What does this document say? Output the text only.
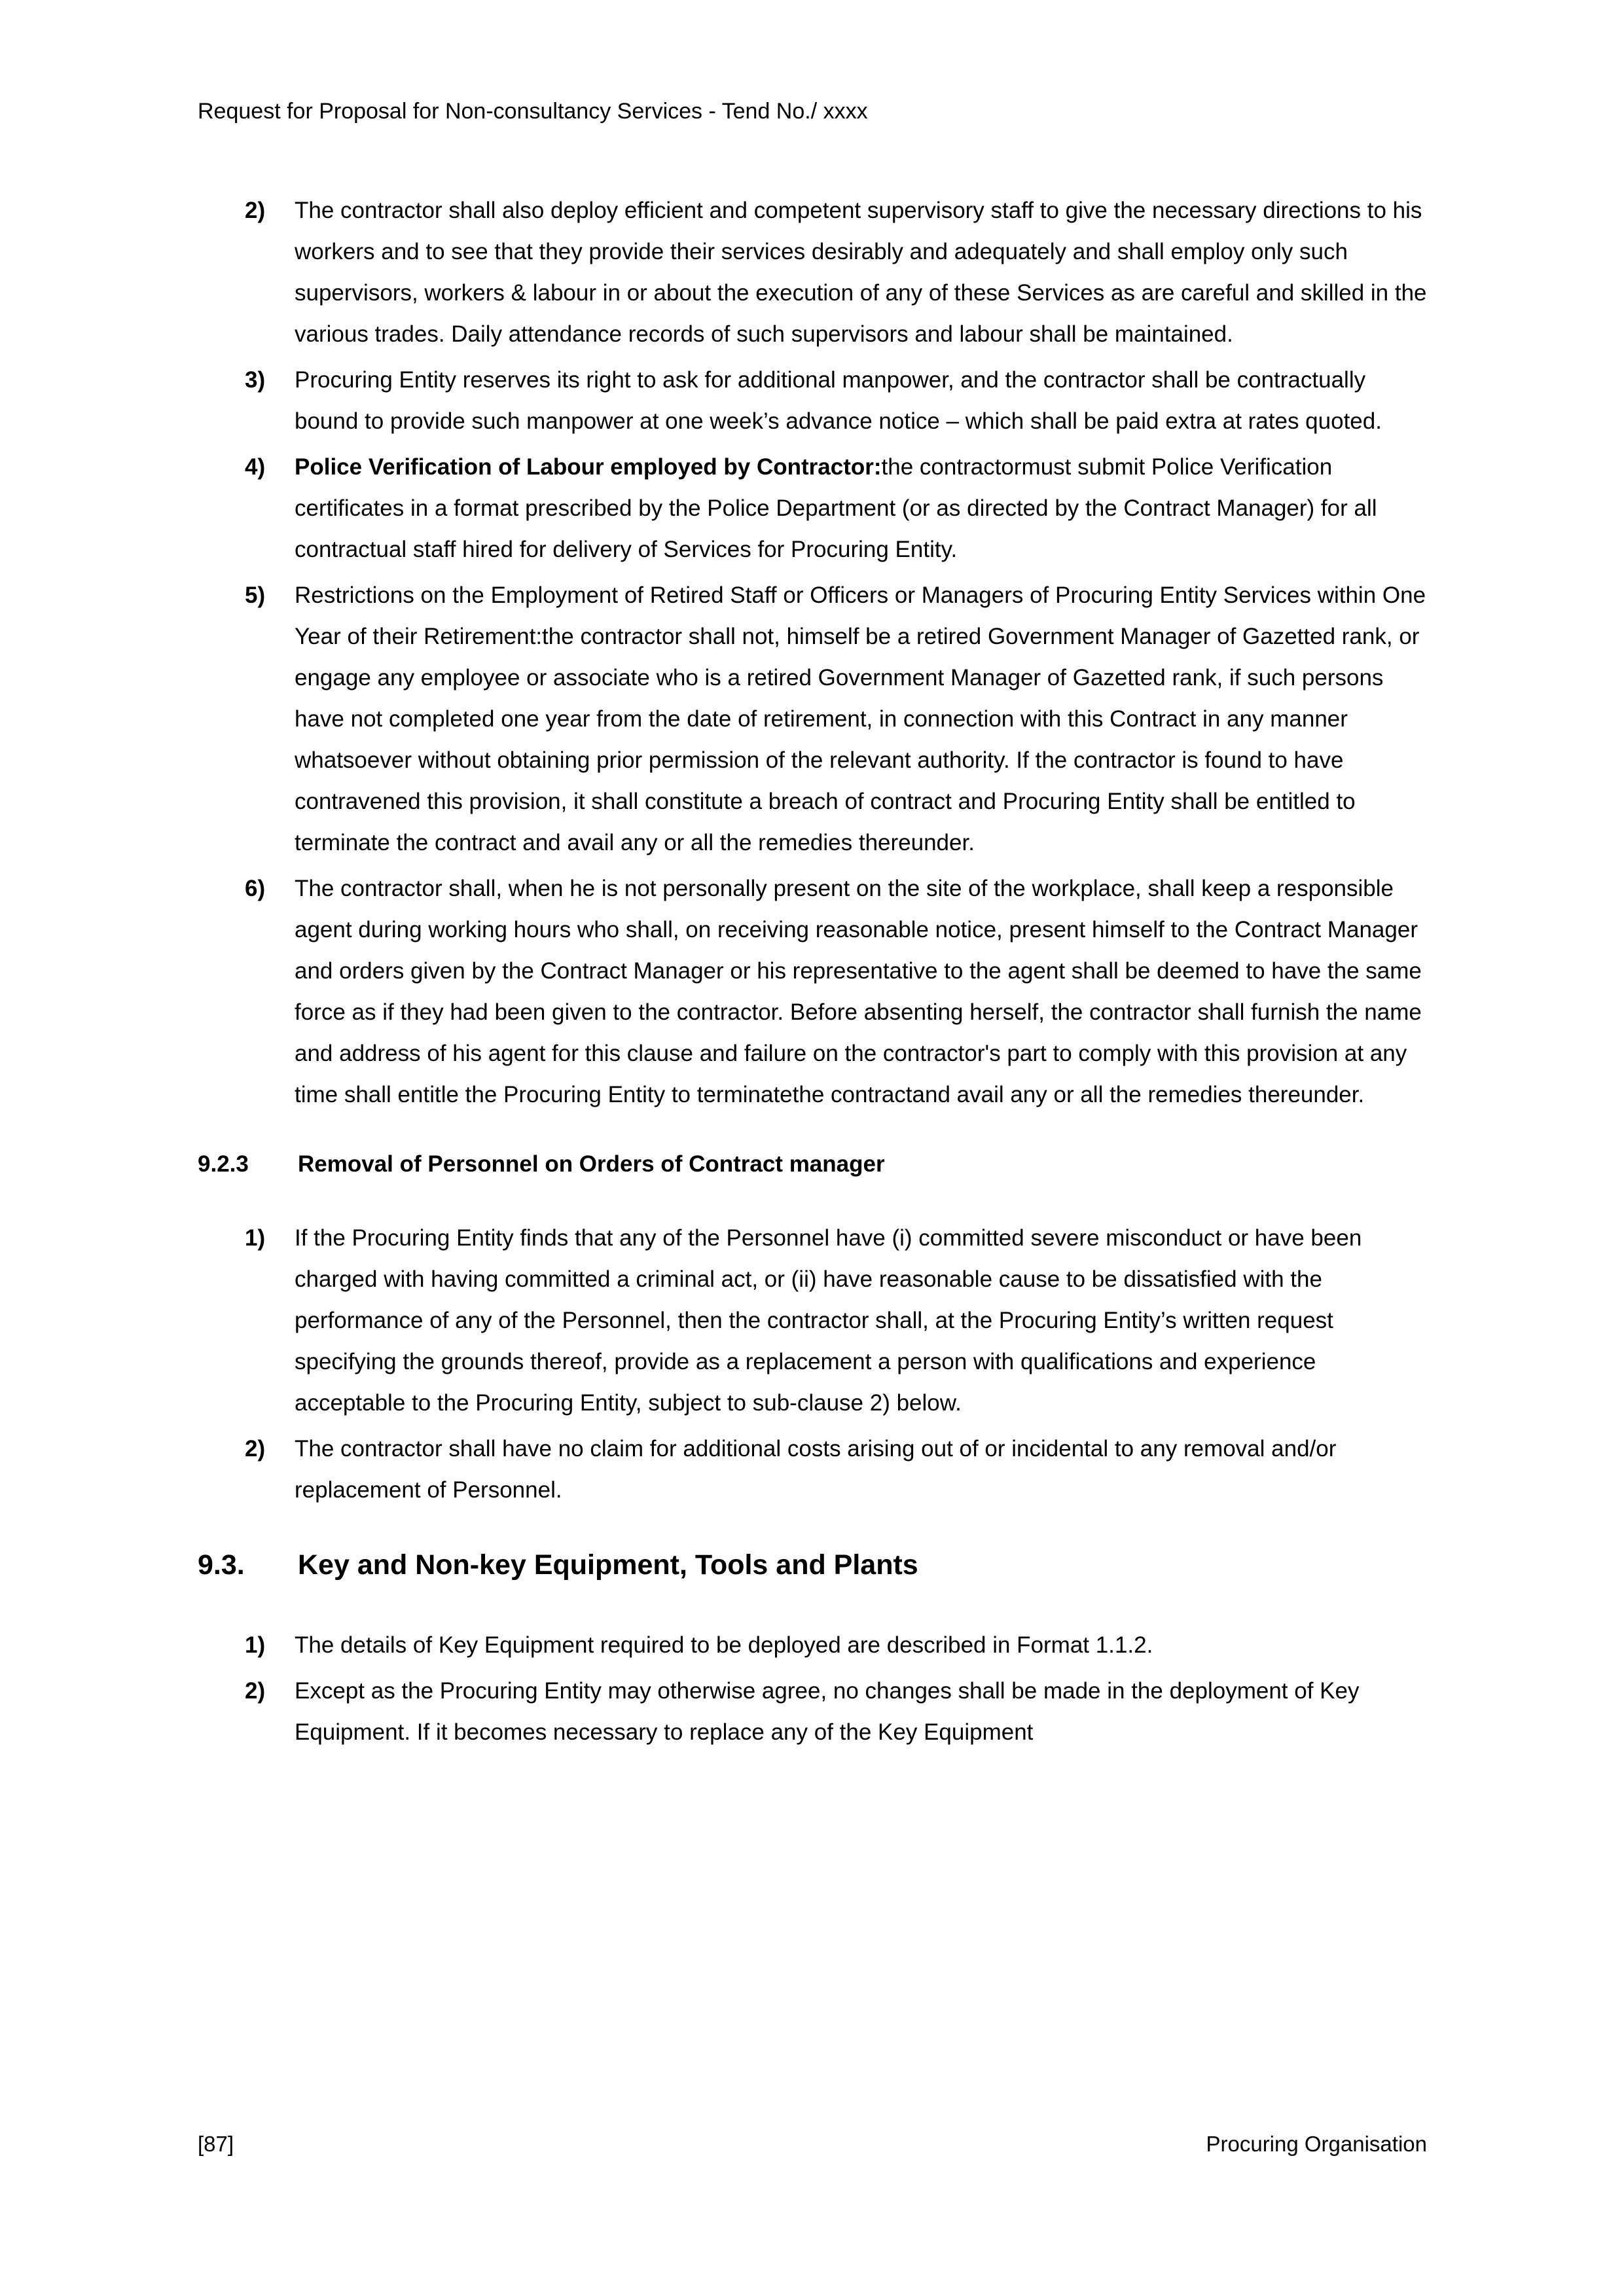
Request for Proposal for Non-consultancy Services - Tend No./ xxxx
2) The contractor shall also deploy efficient and competent supervisory staff to give the necessary directions to his workers and to see that they provide their services desirably and adequately and shall employ only such supervisors, workers & labour in or about the execution of any of these Services as are careful and skilled in the various trades. Daily attendance records of such supervisors and labour shall be maintained.
3) Procuring Entity reserves its right to ask for additional manpower, and the contractor shall be contractually bound to provide such manpower at one week’s advance notice – which shall be paid extra at rates quoted.
4) Police Verification of Labour employed by Contractor:the contractormust submit Police Verification certificates in a format prescribed by the Police Department (or as directed by the Contract Manager) for all contractual staff hired for delivery of Services for Procuring Entity.
5) Restrictions on the Employment of Retired Staff or Officers or Managers of Procuring Entity Services within One Year of their Retirement:the contractor shall not, himself be a retired Government Manager of Gazetted rank, or engage any employee or associate who is a retired Government Manager of Gazetted rank, if such persons have not completed one year from the date of retirement, in connection with this Contract in any manner whatsoever without obtaining prior permission of the relevant authority. If the contractor is found to have contravened this provision, it shall constitute a breach of contract and Procuring Entity shall be entitled to terminate the contract and avail any or all the remedies thereunder.
6) The contractor shall, when he is not personally present on the site of the workplace, shall keep a responsible agent during working hours who shall, on receiving reasonable notice, present himself to the Contract Manager and orders given by the Contract Manager or his representative to the agent shall be deemed to have the same force as if they had been given to the contractor. Before absenting herself, the contractor shall furnish the name and address of his agent for this clause and failure on the contractor's part to comply with this provision at any time shall entitle the Procuring Entity to terminatethe contractand avail any or all the remedies thereunder.
9.2.3	Removal of Personnel on Orders of Contract manager
1) If the Procuring Entity finds that any of the Personnel have (i) committed severe misconduct or have been charged with having committed a criminal act, or (ii) have reasonable cause to be dissatisfied with the performance of any of the Personnel, then the contractor shall, at the Procuring Entity’s written request specifying the grounds thereof, provide as a replacement a person with qualifications and experience acceptable to the Procuring Entity, subject to sub-clause 2) below.
2) The contractor shall have no claim for additional costs arising out of or incidental to any removal and/or replacement of Personnel.
9.3.	Key and Non-key Equipment, Tools and Plants
1) The details of Key Equipment required to be deployed are described in Format 1.1.2.
2) Except as the Procuring Entity may otherwise agree, no changes shall be made in the deployment of Key Equipment. If it becomes necessary to replace any of the Key Equipment
[87]	Procuring Organisation
